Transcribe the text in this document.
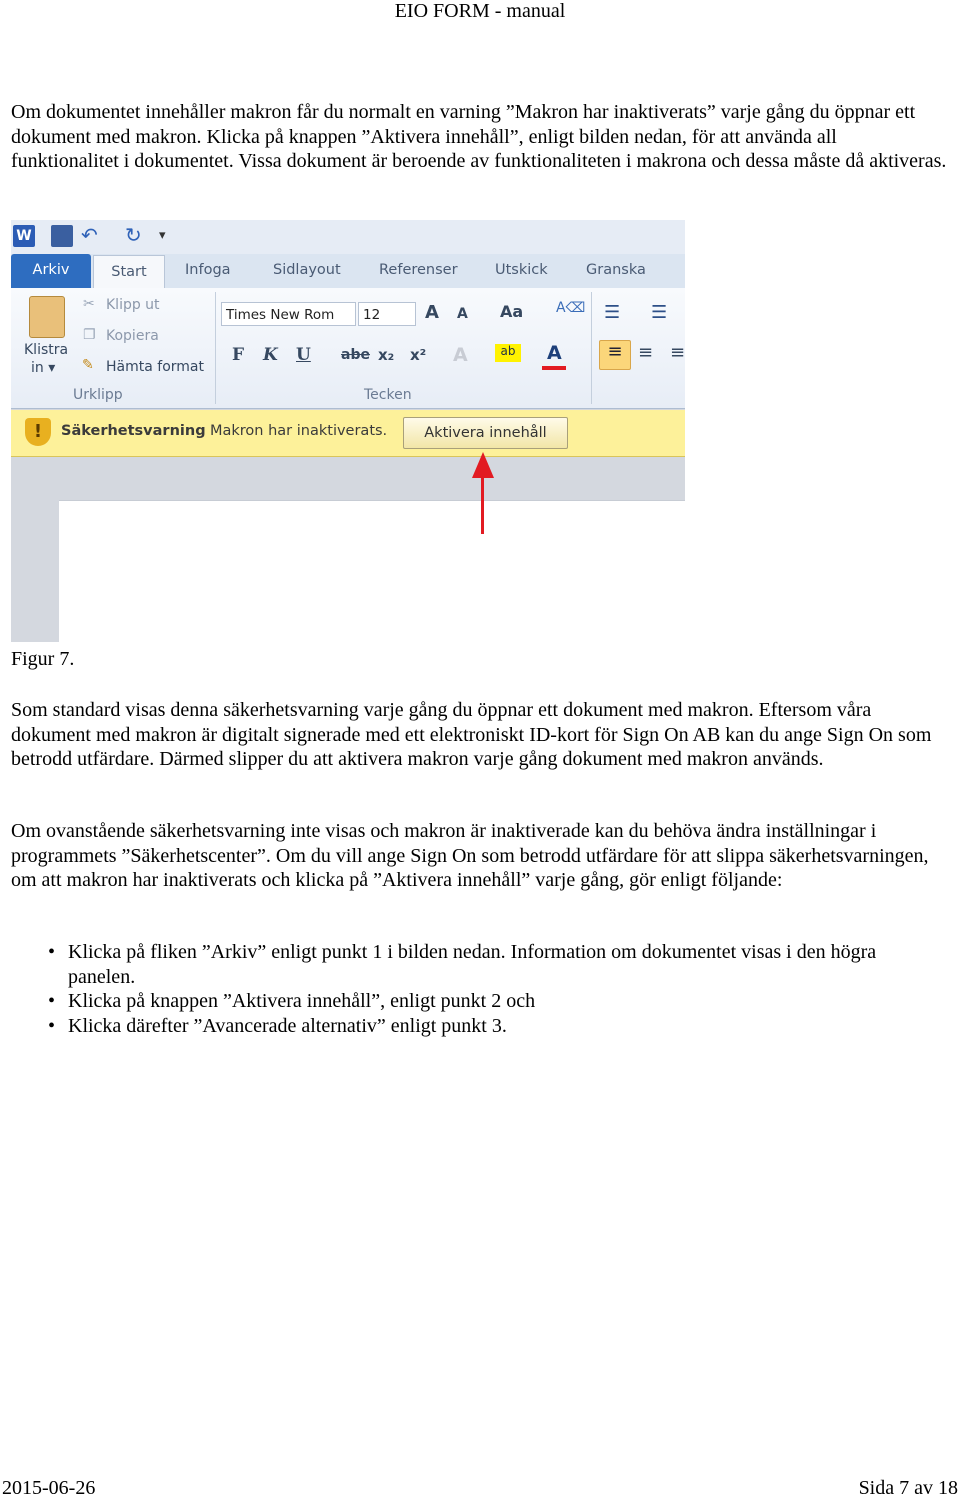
EIO FORM - manual
Om dokumentet innehåller makron får du normalt en varning ”Makron har inaktiverats” varje gång du öppnar ett dokument med makron. Klicka på knappen ”Aktivera innehåll”, enligt bilden nedan, för att använda all funktionalitet i dokumentet. Vissa dokument är beroende av funktionaliteten i makrona och dessa måste då aktiveras.
W ↶ ↻	▾
Arkiv	Start	Infoga	Sidlayout	Referenser	Utskick	Granska
Klistra
in ▾
✂ Klipp ut
❐ Kopiera
✎ Hämta format
Urklipp
Times New Rom	12	A A Aa A⌫
F K U abe x₂ x² A	ab A
Tecken
☰ ☰
≡ ≡ ≡
!	Säkerhetsvarning Makron har inaktiverats.	Aktivera innehåll
Figur 7.
Som standard visas denna säkerhetsvarning varje gång du öppnar ett dokument med makron. Eftersom våra dokument med makron är digitalt signerade med ett elektroniskt ID-kort för Sign On AB kan du ange Sign On som betrodd utfärdare. Därmed slipper du att aktivera makron varje gång dokument med makron används.
Om ovanstående säkerhetsvarning inte visas och makron är inaktiverade kan du behöva ändra inställningar i programmets ”Säkerhetscenter”. Om du vill ange Sign On som betrodd utfärdare för att slippa säkerhetsvarningen, om att makron har inaktiverats och klicka på ”Aktivera innehåll” varje gång, gör enligt följande:
• Klicka på fliken ”Arkiv” enligt punkt 1 i bilden nedan. Information om dokumentet visas i den högra panelen.
• Klicka på knappen ”Aktivera innehåll”, enligt punkt 2 och
• Klicka därefter ”Avancerade alternativ” enligt punkt 3.
2015-06-26	Sida 7 av 18
